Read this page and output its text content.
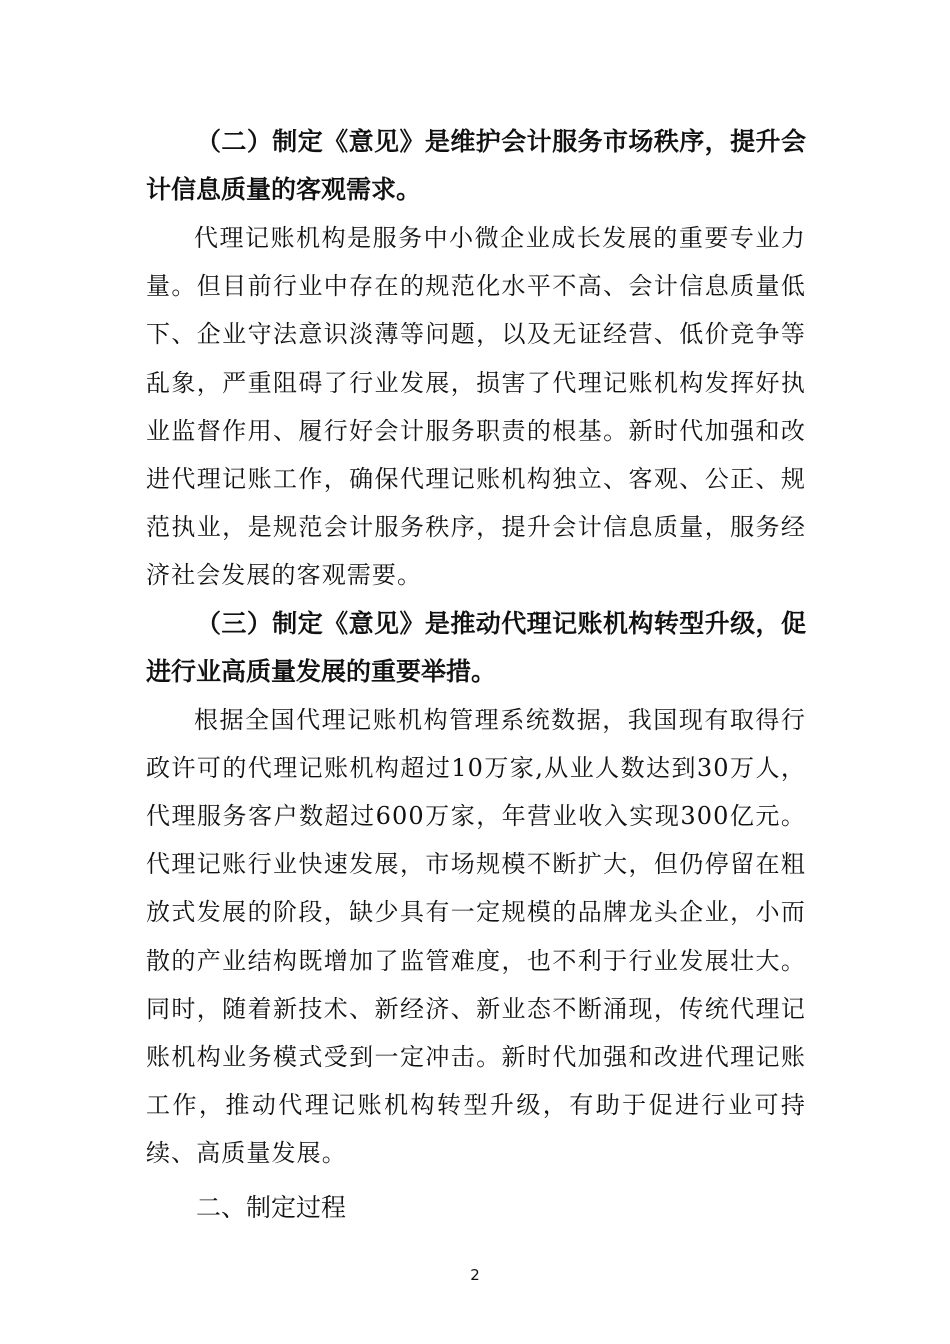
（二）制定《意见》是维护会计服务市场秩序，提升会计信息质量的客观需求。

代理记账机构是服务中小微企业成长发展的重要专业力量。但目前行业中存在的规范化水平不高、会计信息质量低下、企业守法意识淡薄等问题，以及无证经营、低价竞争等乱象，严重阻碍了行业发展，损害了代理记账机构发挥好执业监督作用、履行好会计服务职责的根基。新时代加强和改进代理记账工作，确保代理记账机构独立、客观、公正、规范执业，是规范会计服务秩序，提升会计信息质量，服务经济社会发展的客观需要。

（三）制定《意见》是推动代理记账机构转型升级，促进行业高质量发展的重要举措。

根据全国代理记账机构管理系统数据，我国现有取得行政许可的代理记账机构超过10万家,从业人数达到30万人，代理服务客户数超过600万家，年营业收入实现300亿元。代理记账行业快速发展，市场规模不断扩大，但仍停留在粗放式发展的阶段，缺少具有一定规模的品牌龙头企业，小而散的产业结构既增加了监管难度，也不利于行业发展壮大。同时，随着新技术、新经济、新业态不断涌现，传统代理记账机构业务模式受到一定冲击。新时代加强和改进代理记账工作，推动代理记账机构转型升级，有助于促进行业可持续、高质量发展。

二、制定过程

2
